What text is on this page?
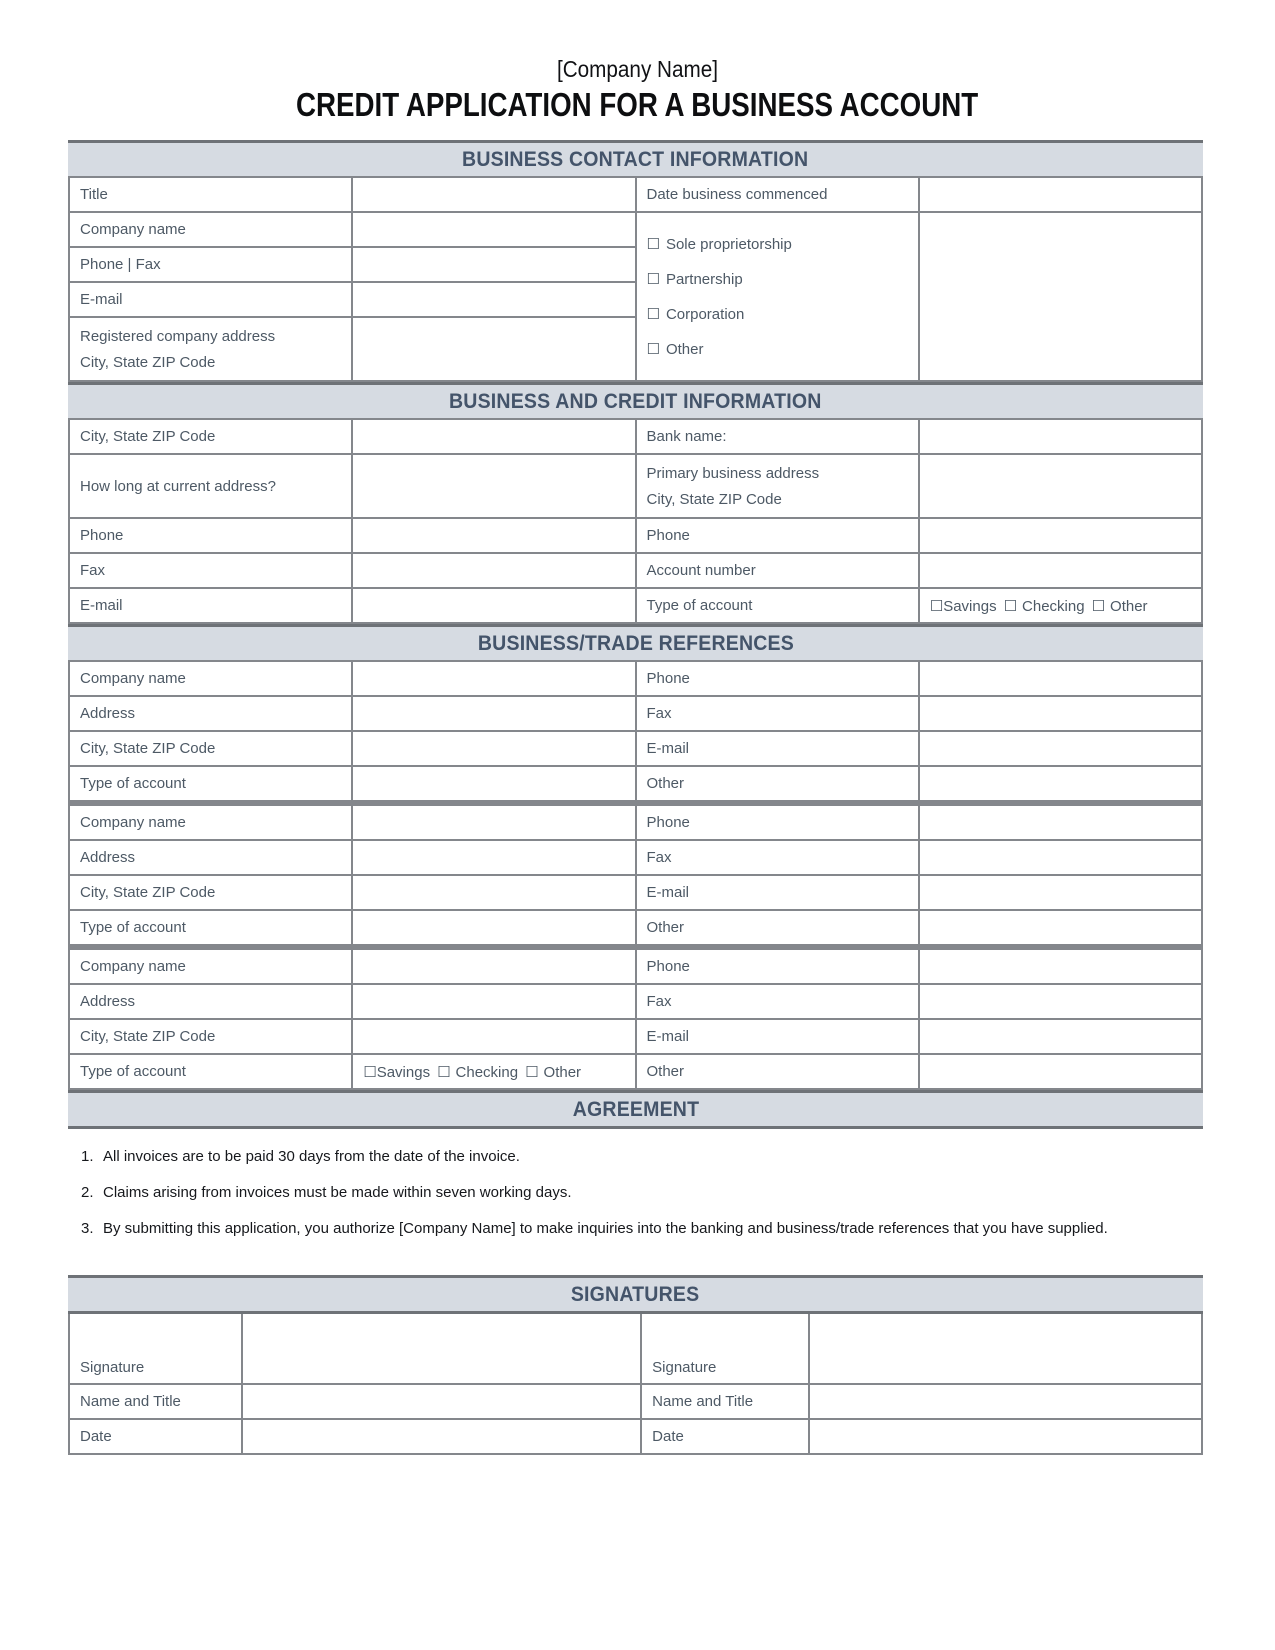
[Company Name]
CREDIT APPLICATION FOR A BUSINESS ACCOUNT
BUSINESS CONTACT INFORMATION
Title		Date business commenced	
Company name		☐ Sole proprietorship
☐ Partnership
☐ Corporation
☐ Other	

Phone | Fax			
E-mail			

Registered company address
City, State ZIP Code			

BUSINESS AND CREDIT INFORMATION
City, State ZIP Code		Bank name:	
How long at current address?		Primary business address
City, State ZIP Code	

Phone		Phone	
Fax		Account number	
E-mail		Type of account	☐Savings ☐ Checking ☐ Other
BUSINESS/TRADE REFERENCES
Company name		Phone	
Address		Fax	
City, State ZIP Code		E-mail	
Type of account		Other	
Company name		Phone	
Address		Fax	
City, State ZIP Code		E-mail	
Type of account		Other	
Company name		Phone	
Address		Fax	
City, State ZIP Code		E-mail	
Type of account	☐Savings ☐ Checking ☐ Other	Other	
AGREEMENT
1. All invoices are to be paid 30 days from the date of the invoice.
2. Claims arising from invoices must be made within seven working days.
3. By submitting this application, you authorize [Company Name] to make inquiries into the banking and business/trade references that you have supplied.
SIGNATURES
Signature		Signature	
Name and Title		Name and Title	
Date		Date	
